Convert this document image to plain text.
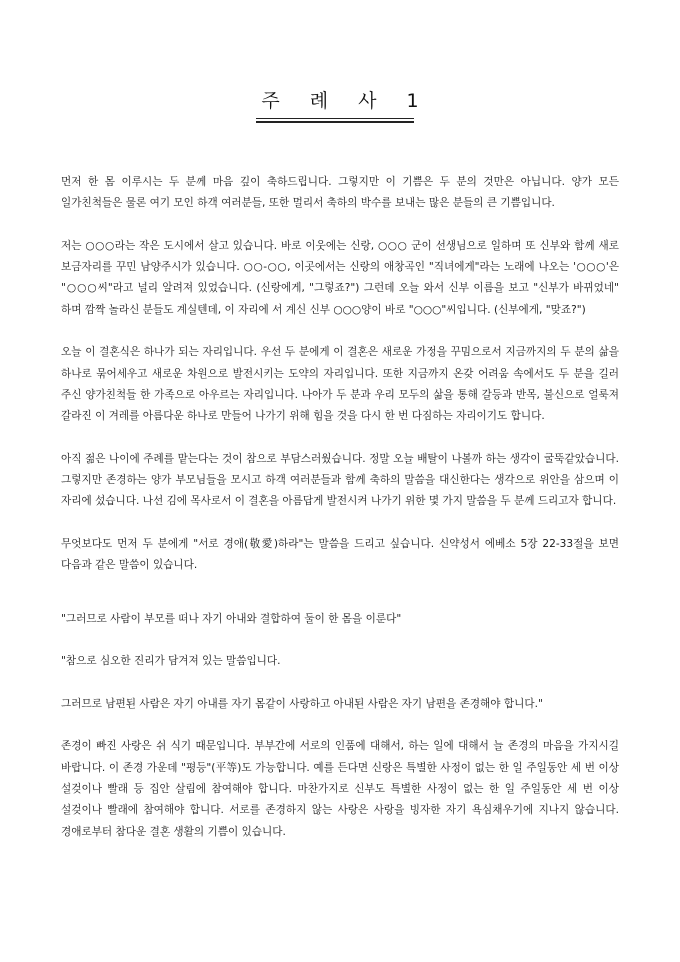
주 례 사 1

먼저 한 몸 이루시는 두 분께 마음 깊이 축하드립니다. 그렇지만 이 기쁨은 두 분의 것만은 아닙니다. 양가 모든 일가친척들은 물론 여기 모인 하객 여러분들, 또한 멀리서 축하의 박수를 보내는 많은 분들의 큰 기쁨입니다.

저는 ○○○라는 작은 도시에서 살고 있습니다. 바로 이웃에는 신랑, ○○○ 군이 선생님으로 일하며 또 신부와 함께 새로 보금자리를 꾸민 남양주시가 있습니다. ○○-○○, 이곳에서는 신랑의 애창곡인 "직녀에게"라는 노래에 나오는 '○○○'은 "○○○씨"라고 널리 알려져 있었습니다. (신랑에게, "그렇죠?") 그런데 오늘 와서 신부 이름을 보고 "신부가 바뀌었네" 하며 깜짝 놀라신 분들도 계실텐데, 이 자리에 서 계신 신부 ○○○양이 바로 "○○○"씨입니다. (신부에게, "맞죠?")

오늘 이 결혼식은 하나가 되는 자리입니다. 우선 두 분에게 이 결혼은 새로운 가정을 꾸밈으로서 지금까지의 두 분의 삶을 하나로 묶어세우고 새로운 차원으로 발전시키는 도약의 자리입니다. 또한 지금까지 온갖 어려움 속에서도 두 분을 길러 주신 양가친척들 한 가족으로 아우르는 자리입니다. 나아가 두 분과 우리 모두의 삶을 통해 갈등과 반목, 불신으로 얼룩져 갈라진 이 겨레를 아름다운 하나로 만들어 나가기 위해 힘을 것을 다시 한 번 다짐하는 자리이기도 합니다.

아직 젊은 나이에 주례를 맡는다는 것이 참으로 부담스러웠습니다. 정말 오늘 배탈이 나볼까 하는 생각이 굴뚝같았습니다. 그렇지만 존경하는 양가 부모님들을 모시고 하객 여러분들과 함께 축하의 말씀을 대신한다는 생각으로 위안을 삼으며 이 자리에 섰습니다. 나선 김에 목사로서 이 결혼을 아름답게 발전시켜 나가기 위한 몇 가지 말씀을 두 분께 드리고자 합니다.

무엇보다도 먼저 두 분에게 "서로 경애(敬愛)하라"는 말씀을 드리고 싶습니다. 신약성서 에베소 5장 22-33절을 보면 다음과 같은 말씀이 있습니다.

"그러므로 사람이 부모를 떠나 자기 아내와 결합하여 둘이 한 몸을 이룬다"

"참으로 심오한 진리가 담겨져 있는 말씀입니다.

그러므로 남편된 사람은 자기 아내를 자기 몸같이 사랑하고 아내된 사람은 자기 남편을 존경해야 합니다."

존경이 빠진 사랑은 쉬 식기 때문입니다. 부부간에 서로의 인품에 대해서, 하는 일에 대해서 늘 존경의 마음을 가지시길 바랍니다. 이 존경 가운데 "평등"(平等)도 가능합니다. 예를 든다면 신랑은 특별한 사정이 없는 한 일 주일동안 세 번 이상 설겆이나 빨래 등 집안 살림에 참여해야 합니다. 마찬가지로 신부도 특별한 사정이 없는 한 일 주일동안 세 번 이상 설겆이나 빨래에 참여해야 합니다. 서로를 존경하지 않는 사랑은 사랑을 빙자한 자기 욕심채우기에 지나지 않습니다. 경애로부터 참다운 결혼 생활의 기쁨이 있습니다.
